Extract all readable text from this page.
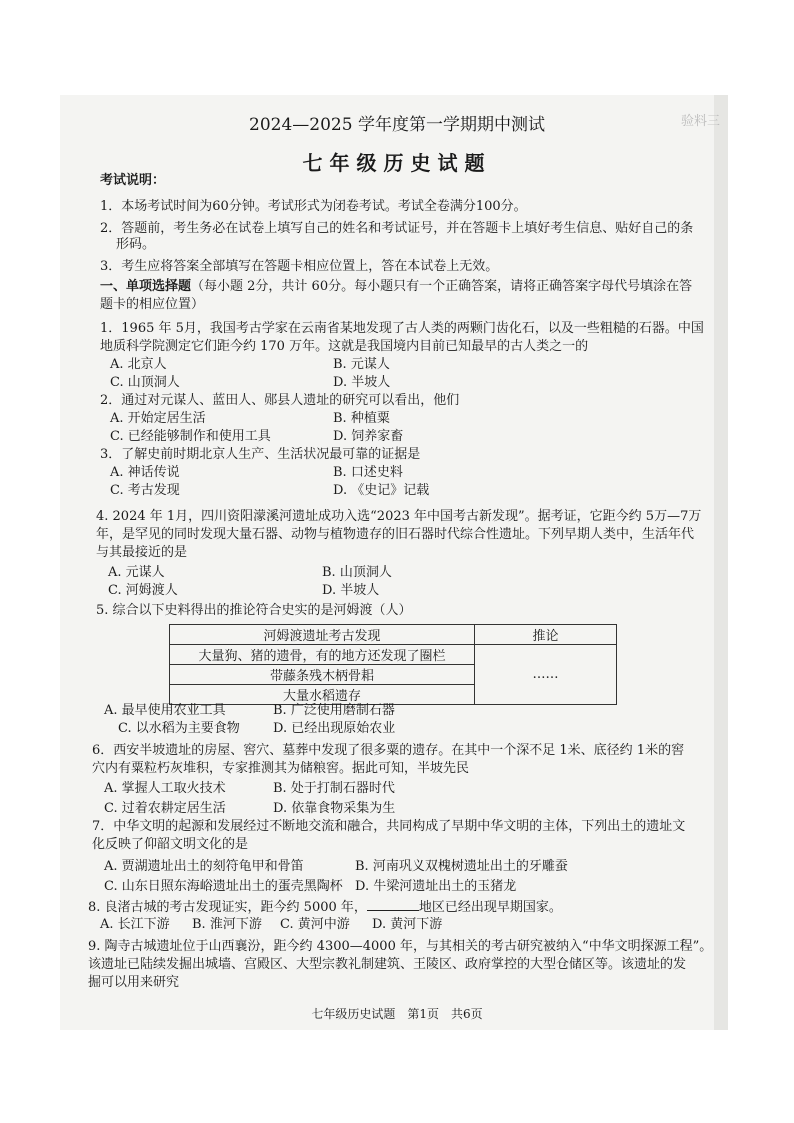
验料三
2024—2025 学年度第一学期期中测试
七年级历史试题
考试说明：
1．本场考试时间为60分钟。考试形式为闭卷考试。考试全卷满分100分。
2．答题前，考生务必在试卷上填写自己的姓名和考试证号，并在答题卡上填好考生信息、贴好自己的条
形码。
3．考生应将答案全部填写在答题卡相应位置上，答在本试卷上无效。
一、单项选择题（每小题 2分，共计 60分。每小题只有一个正确答案，请将正确答案字母代号填涂在答
题卡的相应位置）
1．1965 年 5月，我国考古学家在云南省某地发现了古人类的两颗门齿化石，以及一些粗糙的石器。中国
地质科学院测定它们距今约 170 万年。这就是我国境内目前已知最早的古人类之一的
A. 北京人	B. 元谋人
C. 山顶洞人	D. 半坡人
2．通过对元谋人、蓝田人、郧县人遗址的研究可以看出，他们
A. 开始定居生活	B. 种植粟
C. 已经能够制作和使用工具	D. 饲养家畜
3．了解史前时期北京人生产、生活状况最可靠的证据是
A. 神话传说	B. 口述史料
C. 考古发现	D. 《史记》记载
4. 2024 年 1月，四川资阳濛溪河遗址成功入选“2023 年中国考古新发现”。据考证，它距今约 5万—7万
年，是罕见的同时发现大量石器、动物与植物遗存的旧石器时代综合性遗址。下列早期人类中，生活年代
与其最接近的是
A. 元谋人	B. 山顶洞人
C. 河姆渡人	D. 半坡人
5. 综合以下史料得出的推论符合史实的是河姆渡（人）
河姆渡遗址考古发现	推论
大量狗、猪的遗骨，有的地方还发现了圈栏	……
带藤条残木柄骨耜	
大量水稻遗存	
A. 最早使用农业工具	B. 广泛使用磨制石器
C. 以水稻为主要食物	D. 已经出现原始农业
6．西安半坡遗址的房屋、窖穴、墓葬中发现了很多粟的遗存。在其中一个深不足 1米、底径约 1米的窖
穴内有粟粒朽灰堆积，专家推测其为储粮窖。据此可知，半坡先民
A. 掌握人工取火技术	B. 处于打制石器时代
C. 过着农耕定居生活	D. 依靠食物采集为生
7．中华文明的起源和发展经过不断地交流和融合，共同构成了早期中华文明的主体，下列出土的遗址文
化反映了仰韶文明文化的是
A. 贾湖遗址出土的刻符龟甲和骨笛	B. 河南巩义双槐树遗址出土的牙雕蚕
C. 山东日照东海峪遗址出土的蛋壳黑陶杯 D. 牛梁河遗址出土的玉猪龙
8. 良渚古城的考古发现证实，距今约 5000 年，	地区已经出现早期国家。
A. 长江下游 B. 淮河下游 C. 黄河中游 D. 黄河下游
9. 陶寺古城遗址位于山西襄汾，距今约 4300—4000 年，与其相关的考古研究被纳入“中华文明探源工程”。
该遗址已陆续发掘出城墙、宫殿区、大型宗教礼制建筑、王陵区、政府掌控的大型仓储区等。该遗址的发
掘可以用来研究
七年级历史试题　第1页　共6页
